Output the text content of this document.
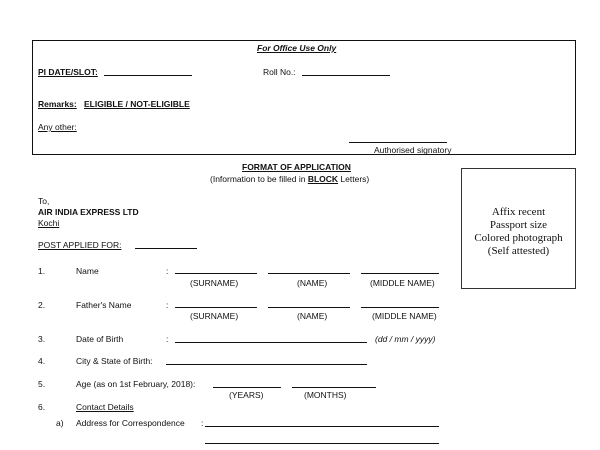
For Office Use Only
PI DATE/SLOT:	Roll No.:
Remarks: ELIGIBLE / NOT-ELIGIBLE
Any other:
Authorised signatory
FORMAT OF APPLICATION
(Information to be filled in BLOCK Letters)
Affix recent
Passport size
Colored photograph
(Self attested)
To,
AIR INDIA EXPRESS LTD
Kochi
POST APPLIED FOR:
1.	Name	:
(SURNAME)	(NAME)	(MIDDLE NAME)
2.	Father's Name	:
(SURNAME)	(NAME)	(MIDDLE NAME)
3.	Date of Birth	:	(dd / mm / yyyy)
4.	City & State of Birth:
5.	Age (as on 1st February, 2018):
(YEARS)	(MONTHS)
6.	Contact Details
a) Address for Correspondence :
